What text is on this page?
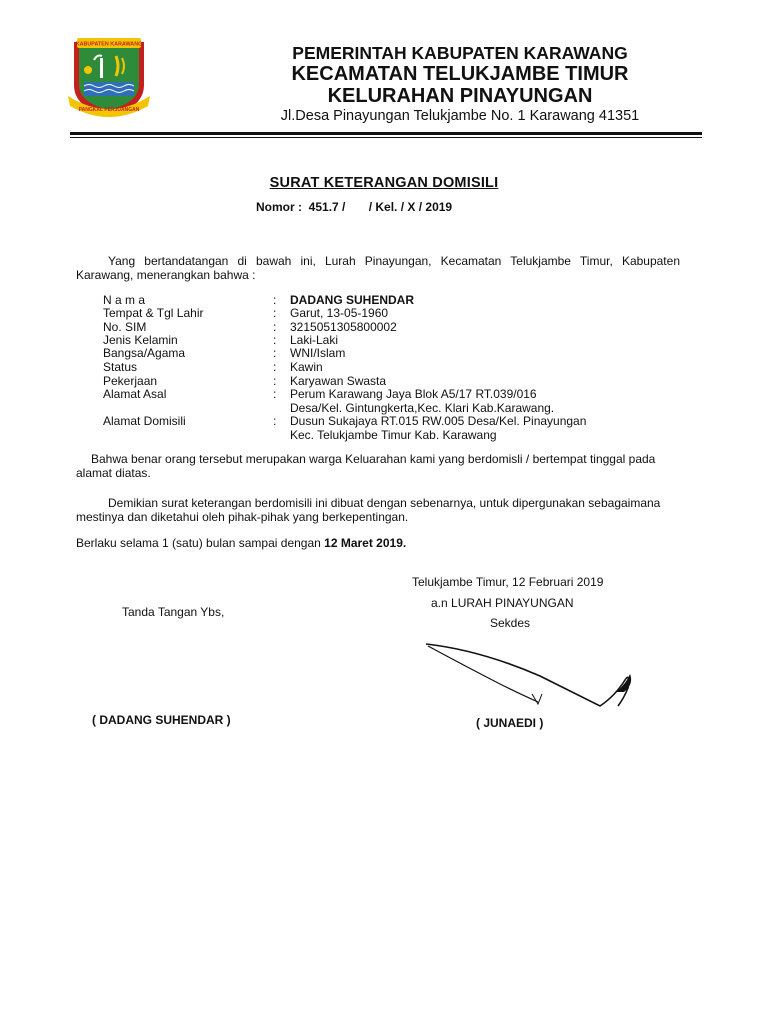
KABUPATEN KARAWANG
PANGKAL PERJUANGAN
PEMERINTAH KABUPATEN KARAWANG
KECAMATAN TELUKJAMBE TIMUR
KELURAHAN PINAYUNGAN
Jl.Desa Pinayungan Telukjambe No. 1 Karawang 41351
SURAT KETERANGAN DOMISILI
Nomor : 451.7 /       / Kel. / X / 2019
Yang bertandatangan di bawah ini, Lurah Pinayungan, Kecamatan Telukjambe Timur, Kabupaten Karawang, menerangkan bahwa :
N a m a	: DADANG SUHENDAR
Tempat & Tgl Lahir	: Garut, 13-05-1960
No. SIM	: 3215051305800002
Jenis Kelamin	: Laki-Laki
Bangsa/Agama	: WNI/Islam
Status	: Kawin
Pekerjaan	: Karyawan Swasta
Alamat Asal	: Perum Karawang Jaya Blok A5/17 RT.039/016
Desa/Kel. Gintungkerta,Kec. Klari Kab.Karawang.
Alamat Domisili	: Dusun Sukajaya RT.015 RW.005 Desa/Kel. Pinayungan
Kec. Telukjambe Timur Kab. Karawang
Bahwa benar orang tersebut merupakan warga Keluarahan kami yang berdomisli / bertempat tinggal pada alamat diatas.
Demikian surat keterangan berdomisili ini dibuat dengan sebenarnya, untuk dipergunakan sebagaimana mestinya dan diketahui oleh pihak-pihak yang berkepentingan.
Berlaku selama 1 (satu) bulan sampai dengan 12 Maret 2019.
Telukjambe Timur, 12 Februari 2019
a.n LURAH PINAYUNGAN
Sekdes
Tanda Tangan Ybs,
( DADANG SUHENDAR )	( JUNAEDI )
